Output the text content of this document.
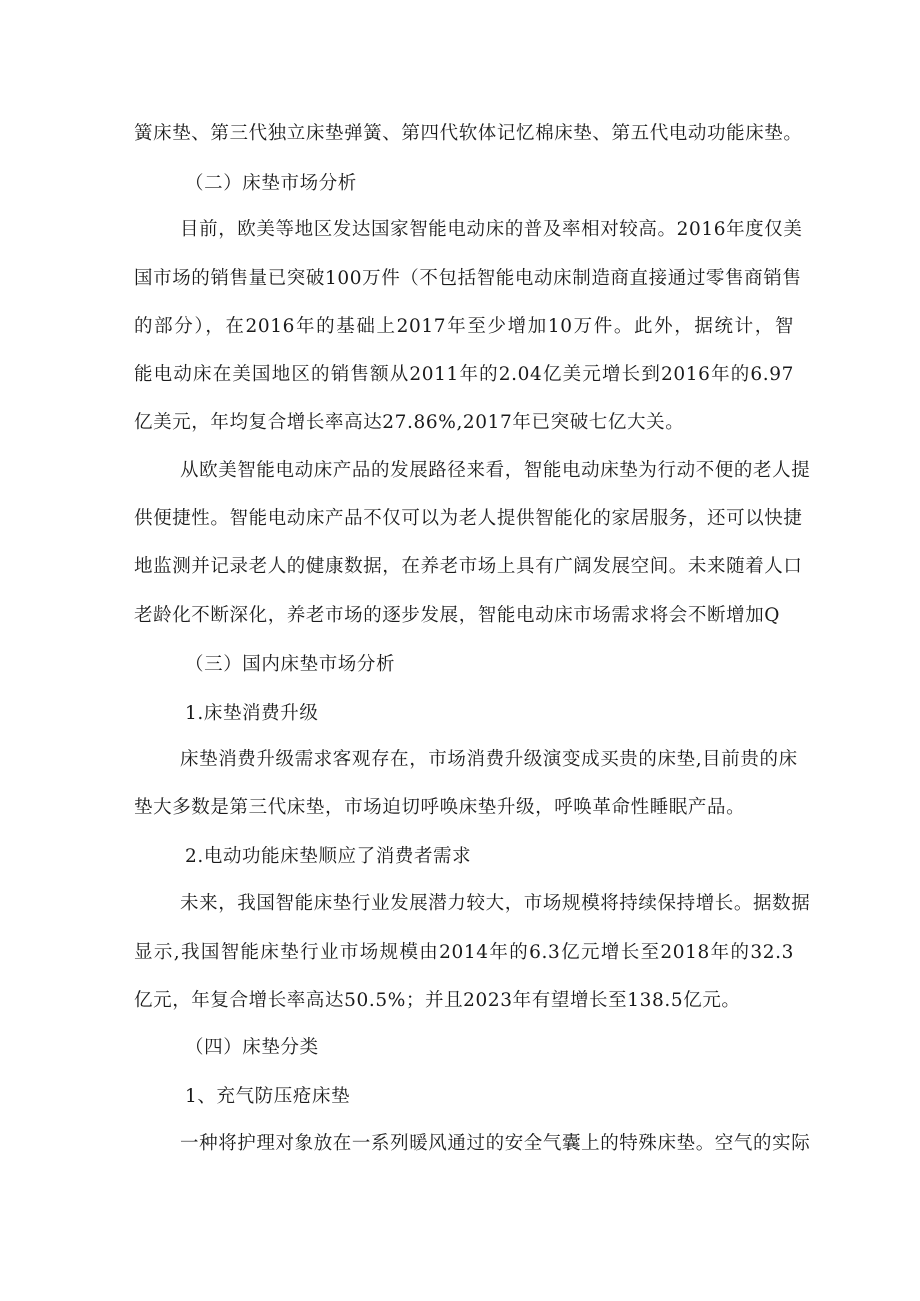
簧床垫、第三代独立床垫弹簧、第四代软体记忆棉床垫、第五代电动功能床垫。
（二）床垫市场分析
目前，欧美等地区发达国家智能电动床的普及率相对较高。2016年度仅美
国市场的销售量已突破100万件（不包括智能电动床制造商直接通过零售商销售
的部分），在2016年的基础上2017年至少增加10万件。此外，据统计，智
能电动床在美国地区的销售额从2011年的2.04亿美元增长到2016年的6.97
亿美元，年均复合增长率高达27.86%,2017年已突破七亿大关。
从欧美智能电动床产品的发展路径来看，智能电动床垫为行动不便的老人提
供便捷性。智能电动床产品不仅可以为老人提供智能化的家居服务，还可以快捷
地监测并记录老人的健康数据，在养老市场上具有广阔发展空间。未来随着人口
老龄化不断深化，养老市场的逐步发展，智能电动床市场需求将会不断增加Q
（三）国内床垫市场分析
1.床垫消费升级
床垫消费升级需求客观存在，市场消费升级演变成买贵的床垫,目前贵的床
垫大多数是第三代床垫，市场迫切呼唤床垫升级，呼唤革命性睡眠产品。
2.电动功能床垫顺应了消费者需求
未来，我国智能床垫行业发展潜力较大，市场规模将持续保持增长。据数据
显示,我国智能床垫行业市场规模由2014年的6.3亿元增长至2018年的32.3
亿元，年复合增长率高达50.5%；并且2023年有望增长至138.5亿元。
（四）床垫分类
1、充气防压疮床垫
一种将护理对象放在一系列暖风通过的安全气囊上的特殊床垫。空气的实际
